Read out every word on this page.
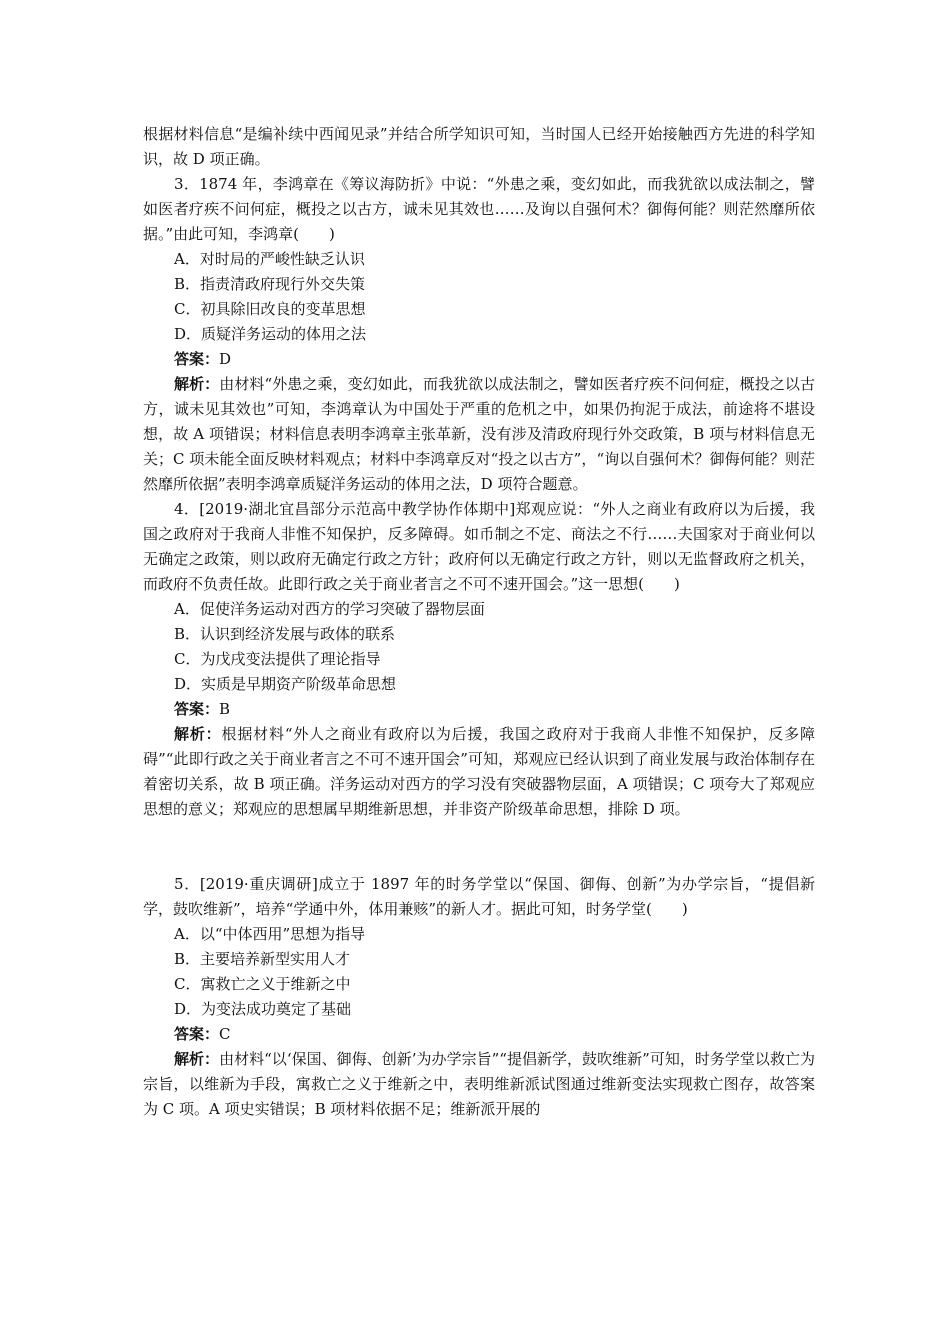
根据材料信息“是编补续中西闻见录”并结合所学知识可知，当时国人已经开始接触西方先进的科学知识，故 D 项正确。

3．1874 年，李鸿章在《筹议海防折》中说：“外患之乘，变幻如此，而我犹欲以成法制之，譬如医者疗疾不问何症，概投之以古方，诚未见其效也……及询以自强何术？御侮何能？则茫然靡所依据。”由此可知，李鸿章(　　)

A．对时局的严峻性缺乏认识

B．指责清政府现行外交失策

C．初具除旧改良的变革思想

D．质疑洋务运动的体用之法

答案：D

解析：由材料“外患之乘，变幻如此，而我犹欲以成法制之，譬如医者疗疾不问何症，概投之以古方，诚未见其效也”可知，李鸿章认为中国处于严重的危机之中，如果仍拘泥于成法，前途将不堪设想，故 A 项错误；材料信息表明李鸿章主张革新，没有涉及清政府现行外交政策，B 项与材料信息无关；C 项未能全面反映材料观点；材料中李鸿章反对“投之以古方”，“询以自强何术？御侮何能？则茫然靡所依据”表明李鸿章质疑洋务运动的体用之法，D 项符合题意。

4．[2019·湖北宜昌部分示范高中教学协作体期中]郑观应说：“外人之商业有政府以为后援，我国之政府对于我商人非惟不知保护，反多障碍。如币制之不定、商法之不行……夫国家对于商业何以无确定之政策，则以政府无确定行政之方针；政府何以无确定行政之方针，则以无监督政府之机关，而政府不负责任故。此即行政之关于商业者言之不可不速开国会。”这一思想(　　)

A．促使洋务运动对西方的学习突破了器物层面

B．认识到经济发展与政体的联系

C．为戊戌变法提供了理论指导

D．实质是早期资产阶级革命思想

答案：B

解析：根据材料“外人之商业有政府以为后援，我国之政府对于我商人非惟不知保护，反多障碍”“此即行政之关于商业者言之不可不速开国会”可知，郑观应已经认识到了商业发展与政治体制存在着密切关系，故 B 项正确。洋务运动对西方的学习没有突破器物层面，A 项错误；C 项夸大了郑观应思想的意义；郑观应的思想属早期维新思想，并非资产阶级革命思想，排除 D 项。

5．[2019·重庆调研]成立于 1897 年的时务学堂以“保国、御侮、创新”为办学宗旨，“提倡新学，鼓吹维新”，培养“学通中外，体用兼赅”的新人才。据此可知，时务学堂(　　)

A．以“中体西用”思想为指导

B．主要培养新型实用人才

C．寓救亡之义于维新之中

D．为变法成功奠定了基础

答案：C

解析：由材料“以‘保国、御侮、创新’为办学宗旨”“提倡新学，鼓吹维新”可知，时务学堂以救亡为宗旨，以维新为手段，寓救亡之义于维新之中，表明维新派试图通过维新变法实现救亡图存，故答案为 C 项。A 项史实错误；B 项材料依据不足；维新派开展的
